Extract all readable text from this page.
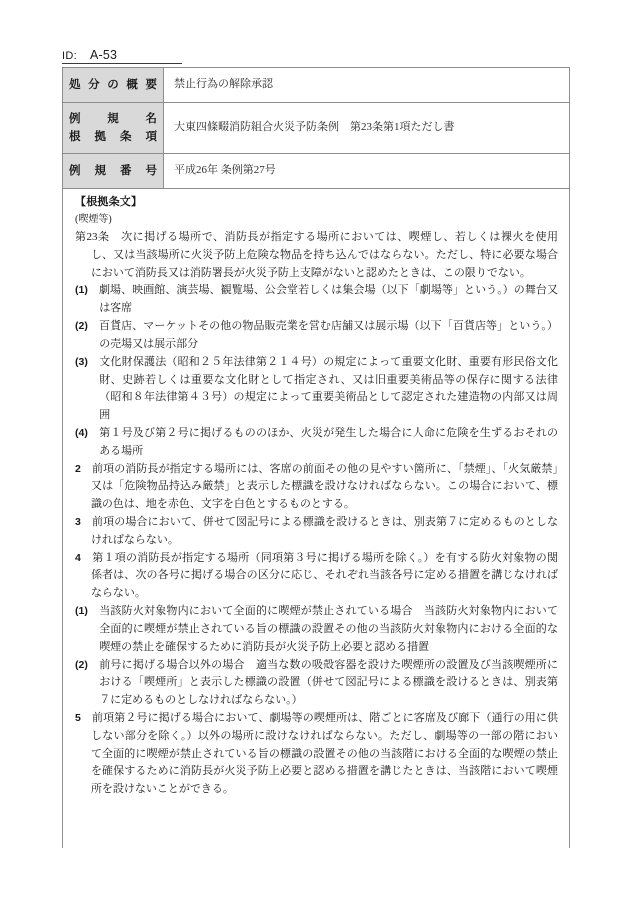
ID: A-53
処分の概要	禁止行為の解除承認

例　規　名
根 拠 条 項	大東四條畷消防組合火災予防条例　第23条第1項ただし書

例 規 番 号	平成26年 条例第27号
【根拠条文】
(喫煙等)
第23条　次に掲げる場所で、消防長が指定する場所においては、喫煙し、若しくは裸火を使用し、又は当該場所に火災予防上危険な物品を持ち込んではならない。ただし、特に必要な場合において消防長又は消防署長が火災予防上支障がないと認めたときは、この限りでない。
(1)　劇場、映画館、演芸場、観覧場、公会堂若しくは集会場（以下「劇場等」という。）の舞台又は客席
(2)　百貨店、マーケットその他の物品販売業を営む店舗又は展示場（以下「百貨店等」という。）の売場又は展示部分
(3)　文化財保護法（昭和２５年法律第２１４号）の規定によって重要文化財、重要有形民俗文化財、史跡若しくは重要な文化財として指定され、又は旧重要美術品等の保存に関する法律（昭和８年法律第４３号）の規定によって重要美術品として認定された建造物の内部又は周囲
(4)　第１号及び第２号に掲げるもののほか、火災が発生した場合に人命に危険を生ずるおそれのある場所
2　前項の消防長が指定する場所には、客席の前面その他の見やすい箇所に、「禁煙」、「火気厳禁」又は「危険物品持込み厳禁」と表示した標識を設けなければならない。この場合において、標識の色は、地を赤色、文字を白色とするものとする。
3　前項の場合において、併せて図記号による標識を設けるときは、別表第７に定めるものとしなければならない。
4　第１項の消防長が指定する場所（同項第３号に掲げる場所を除く。）を有する防火対象物の関係者は、次の各号に掲げる場合の区分に応じ、それぞれ当該各号に定める措置を講じなければならない。
(1)　当該防火対象物内において全面的に喫煙が禁止されている場合　当該防火対象物内において全面的に喫煙が禁止されている旨の標識の設置その他の当該防火対象物内における全面的な喫煙の禁止を確保するために消防長が火災予防上必要と認める措置
(2)　前号に掲げる場合以外の場合　適当な数の吸殻容器を設けた喫煙所の設置及び当該喫煙所における「喫煙所」と表示した標識の設置（併せて図記号による標識を設けるときは、別表第７に定めるものとしなければならない。）
5　前項第２号に掲げる場合において、劇場等の喫煙所は、階ごとに客席及び廊下（通行の用に供しない部分を除く。）以外の場所に設けなければならない。ただし、劇場等の一部の階において全面的に喫煙が禁止されている旨の標識の設置その他の当該階における全面的な喫煙の禁止を確保するために消防長が火災予防上必要と認める措置を講じたときは、当該階において喫煙所を設けないことができる。
